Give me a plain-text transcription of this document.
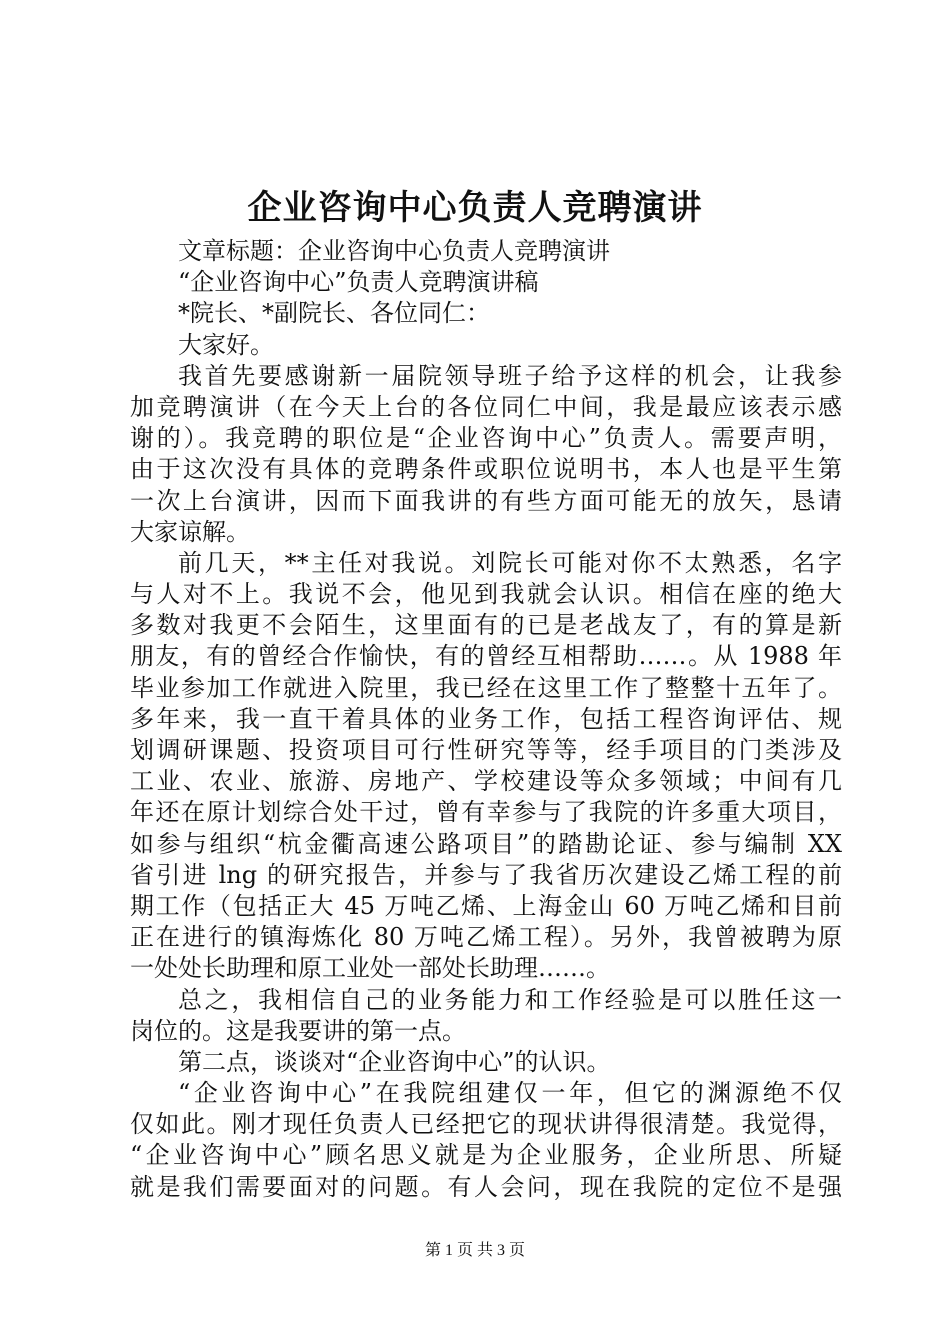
企业咨询中心负责人竞聘演讲
文章标题：企业咨询中心负责人竞聘演讲
“企业咨询中心”负责人竞聘演讲稿
*院长、*副院长、各位同仁：
大家好。
我首先要感谢新一届院领导班子给予这样的机会，让我参
加竞聘演讲（在今天上台的各位同仁中间，我是最应该表示感
谢的）。我竞聘的职位是“企业咨询中心”负责人。需要声明，
由于这次没有具体的竞聘条件或职位说明书，本人也是平生第
一次上台演讲，因而下面我讲的有些方面可能无的放矢，恳请
大家谅解。
前几天，**主任对我说。刘院长可能对你不太熟悉，名字
与人对不上。我说不会，他见到我就会认识。相信在座的绝大
多数对我更不会陌生，这里面有的已是老战友了，有的算是新
朋友，有的曾经合作愉快，有的曾经互相帮助……。从 1988 年
毕业参加工作就进入院里，我已经在这里工作了整整十五年了。
多年来，我一直干着具体的业务工作，包括工程咨询评估、规
划调研课题、投资项目可行性研究等等，经手项目的门类涉及
工业、农业、旅游、房地产、学校建设等众多领域；中间有几
年还在原计划综合处干过，曾有幸参与了我院的许多重大项目，
如参与组织“杭金衢高速公路项目”的踏勘论证、参与编制 XX
省引进 lng 的研究报告，并参与了我省历次建设乙烯工程的前
期工作（包括正大 45 万吨乙烯、上海金山 60 万吨乙烯和目前
正在进行的镇海炼化 80 万吨乙烯工程）。另外，我曾被聘为原
一处处长助理和原工业处一部处长助理……。
总之，我相信自己的业务能力和工作经验是可以胜任这一
岗位的。这是我要讲的第一点。
第二点，谈谈对“企业咨询中心”的认识。
“企业咨询中心”在我院组建仅一年，但它的渊源绝不仅
仅如此。刚才现任负责人已经把它的现状讲得很清楚。我觉得，
“企业咨询中心”顾名思义就是为企业服务，企业所思、所疑
就是我们需要面对的问题。有人会问，现在我院的定位不是强
第 1 页 共 3 页
